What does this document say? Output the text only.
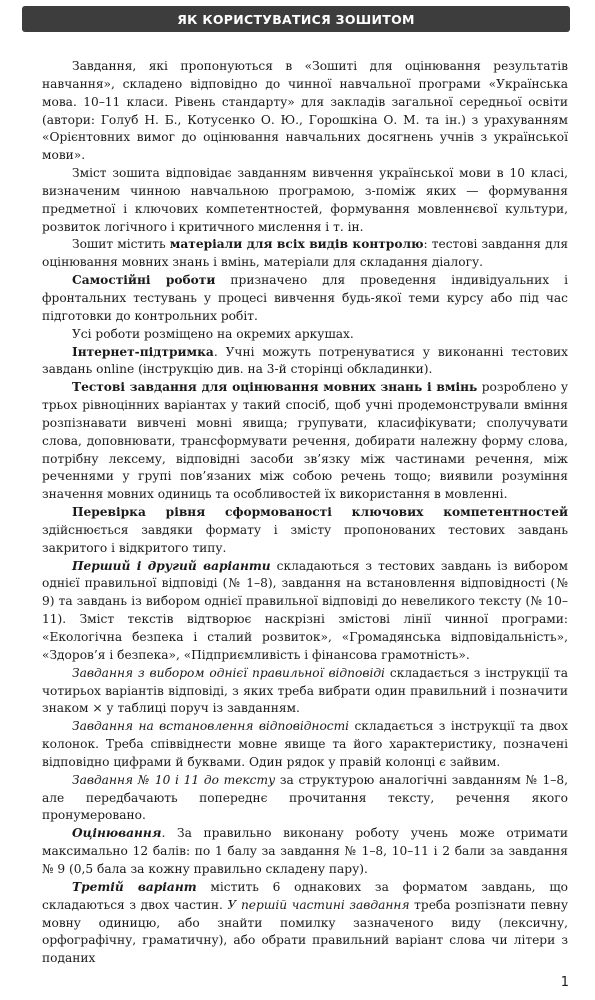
ЯК КОРИСТУВАТИСЯ ЗОШИТОМ

Завдання, які пропонуються в «Зошиті для оцінювання результатів навчання», складено відповідно до чинної навчальної програми «Українська мова. 10–11 класи. Рівень стандарту» для закладів загальної середньої освіти (автори: Голуб Н. Б., Котусенко О. Ю., Горошкіна О. М. та ін.) з урахуванням «Орієнтовних вимог до оцінювання навчальних досягнень учнів з української мови».

Зміст зошита відповідає завданням вивчення української мови в 10 класі, визначеним чинною навчальною програмою, з-поміж яких — формування предметної і ключових компетентностей, формування мовленнєвої культури, розвиток логічного і критичного мислення і т. ін.

Зошит містить матеріали для всіх видів контролю: тестові завдання для оцінювання мовних знань і вмінь, матеріали для складання діалогу.

Самостійні роботи призначено для проведення індивідуальних і фронтальних тестувань у процесі вивчення будь-якої теми курсу або під час підготовки до контрольних робіт.

Усі роботи розміщено на окремих аркушах.

Інтернет-підтримка. Учні можуть потренуватися у виконанні тестових завдань online (інструкцію див. на 3-й сторінці обкладинки).

Тестові завдання для оцінювання мовних знань і вмінь розроблено у трьох рівноцінних варіантах у такий спосіб, щоб учні продемонстрували вміння розпізнавати вивчені мовні явища; групувати, класифікувати; сполучувати слова, доповнювати, трансформувати речення, добирати належну форму слова, потрібну лексему, відповідні засоби зв’язку між частинами речення, між реченнями у групі пов’язаних між собою речень тощо; виявили розуміння значення мовних одиниць та особливостей їх використання в мовленні.

Перевірка рівня сформованості ключових компетентностей здійснюється завдяки формату і змісту пропонованих тестових завдань закритого і відкритого типу.

Перший і другий варіанти складаються з тестових завдань із вибором однієї правильної відповіді (№ 1–8), завдання на встановлення відповідності (№ 9) та завдань із вибором однієї правильної відповіді до невеликого тексту (№ 10–11). Зміст текстів відтворює наскрізні змістові лінії чинної програми: «Екологічна безпека і сталий розвиток», «Громадянська відповідальність», «Здоров’я і безпека», «Підприємливість і фінансова грамотність».

Завдання з вибором однієї правильної відповіді складається з інструкції та чотирьох варіантів відповіді, з яких треба вибрати один правильний і позначити знаком × у таблиці поруч із завданням.

Завдання на встановлення відповідності складається з інструкції та двох колонок. Треба співвіднести мовне явище та його характеристику, позначені відповідно цифрами й буквами. Один рядок у правій колонці є зайвим.

Завдання № 10 і 11 до тексту за структурою аналогічні завданням № 1–8, але передбачають попереднє прочитання тексту, речення якого пронумеровано.

Оцінювання. За правильно виконану роботу учень може отримати максимально 12 балів: по 1 балу за завдання № 1–8, 10–11 і 2 бали за завдання № 9 (0,5 бала за кожну правильно складену пару).

Третій варіант містить 6 однакових за форматом завдань, що складаються з двох частин. У першій частині завдання треба розпізнати певну мовну одиницю, або знайти помилку зазначеного виду (лексичну, орфографічну, граматичну), або обрати правильний варіант слова чи літери з поданих

1
